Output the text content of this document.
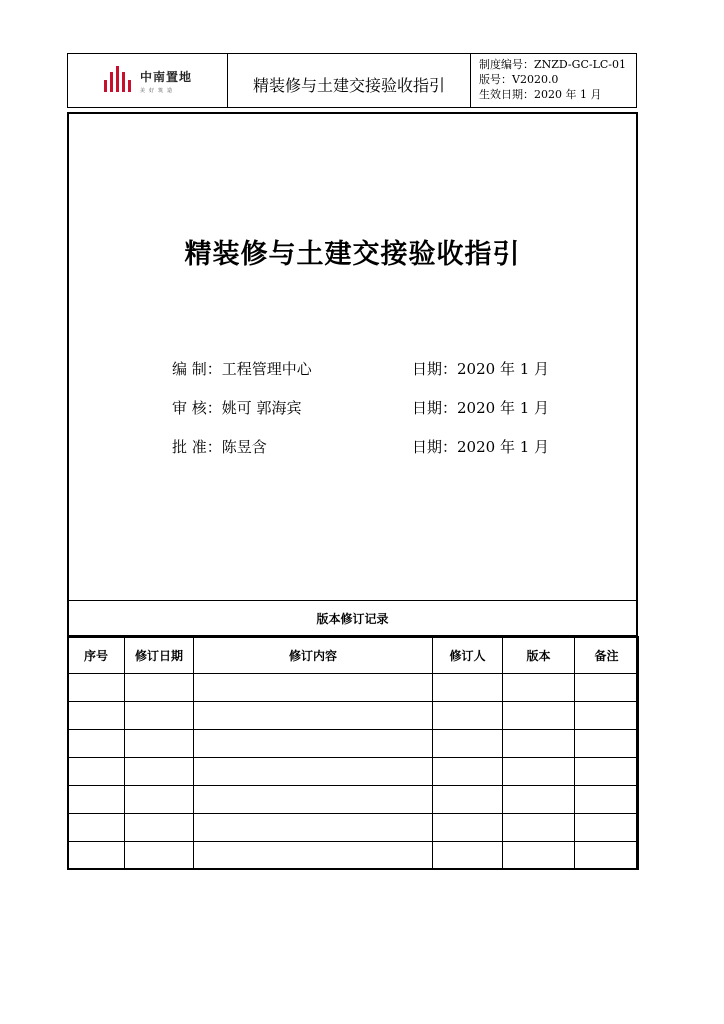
中南置地
美好筑造	精装修与土建交接验收指引
制度编号：ZNZD-GC-LC-01
版号：V2020.0
生效日期：2020 年 1 月
精装修与土建交接验收指引
编 制：工程管理中心	日期：2020 年 1 月
审 核：姚可 郭海宾	日期：2020 年 1 月
批 准：陈昱含	日期：2020 年 1 月
版本修订记录
序号	修订日期	修订内容	修订人	版本	备注
